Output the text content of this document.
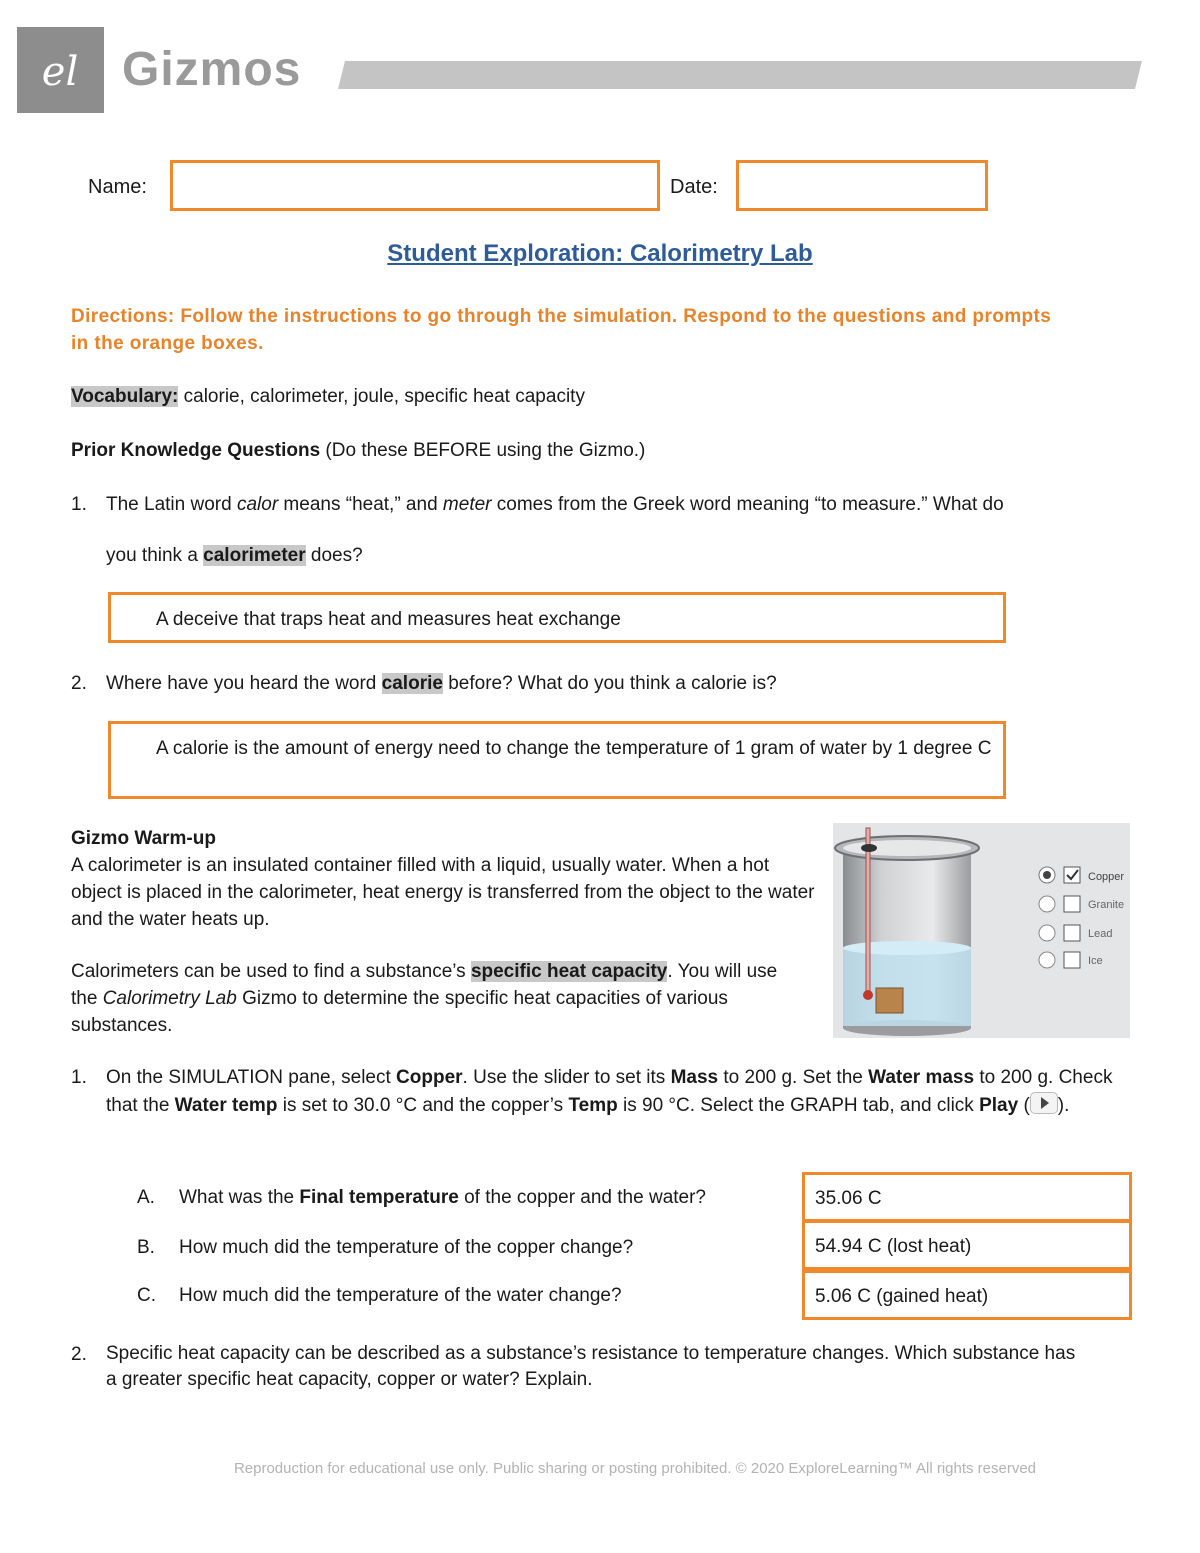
el Gizmos
Name:	Date:
Student Exploration: Calorimetry Lab
Directions: Follow the instructions to go through the simulation. Respond to the questions and prompts in the orange boxes.
Vocabulary: calorie, calorimeter, joule, specific heat capacity
Prior Knowledge Questions (Do these BEFORE using the Gizmo.)
1. The Latin word calor means “heat,” and meter comes from the Greek word meaning “to measure.” What do
you think a calorimeter does?
A deceive that traps heat and measures heat exchange
2. Where have you heard the word calorie before? What do you think a calorie is?
A calorie is the amount of energy need to change the temperature of 1 gram of water by 1 degree C
Gizmo Warm-up
A calorimeter is an insulated container filled with a liquid, usually water. When a hot object is placed in the calorimeter, heat energy is transferred from the object to the water and the water heats up.
Calorimeters can be used to find a substance’s specific heat capacity. You will use the Calorimetry Lab Gizmo to determine the specific heat capacities of various substances.
Copper
Granite
Lead
Ice
1. On the SIMULATION pane, select Copper. Use the slider to set its Mass to 200 g. Set the Water mass to 200 g. Check that the Water temp is set to 30.0 °C and the copper’s Temp is 90 °C. Select the GRAPH tab, and click Play ( ).
A. What was the Final temperature of the copper and the water?
B. How much did the temperature of the copper change?
C. How much did the temperature of the water change?
35.06 C
54.94 C (lost heat)
5.06 C (gained heat)
2. Specific heat capacity can be described as a substance’s resistance to temperature changes. Which substance has a greater specific heat capacity, copper or water? Explain.
Reproduction for educational use only. Public sharing or posting prohibited. © 2020 ExploreLearning™ All rights reserved
